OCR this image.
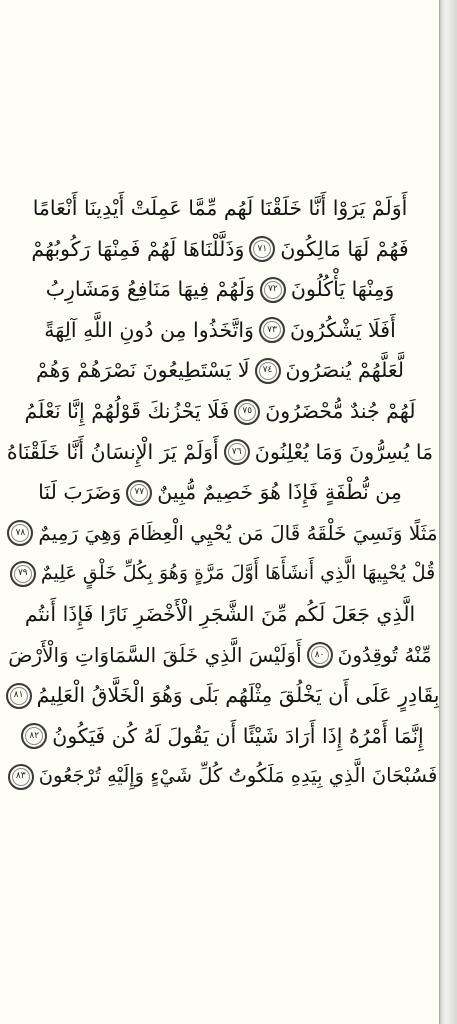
أَوَلَمْ يَرَوْا أَنَّا خَلَقْنَا لَهُم مِّمَّا عَمِلَتْ أَيْدِينَا أَنْعَامًا
فَهُمْ لَهَا مَالِكُونَ
٧١
وَذَلَّلْنَاهَا لَهُمْ فَمِنْهَا رَكُوبُهُمْ
وَمِنْهَا يَأْكُلُونَ
٧٢
وَلَهُمْ فِيهَا مَنَافِعُ وَمَشَارِبُ
أَفَلَا يَشْكُرُونَ
٧٣
وَاتَّخَذُوا مِن دُونِ اللَّهِ آلِهَةً
لَّعَلَّهُمْ يُنصَرُونَ
٧٤
لَا يَسْتَطِيعُونَ نَصْرَهُمْ وَهُمْ
لَهُمْ جُندٌ مُّحْضَرُونَ
٧٥
فَلَا يَحْزُنكَ قَوْلُهُمْ إِنَّا نَعْلَمُ
مَا يُسِرُّونَ وَمَا يُعْلِنُونَ
٧٦
أَوَلَمْ يَرَ الْإِنسَانُ أَنَّا خَلَقْنَاهُ
مِن نُّطْفَةٍ فَإِذَا هُوَ خَصِيمٌ مُّبِينٌ
٧٧
وَضَرَبَ لَنَا
مَثَلًا وَنَسِيَ خَلْقَهُ قَالَ مَن يُحْيِي الْعِظَامَ وَهِيَ رَمِيمٌ
٧٨
قُلْ يُحْيِيهَا الَّذِي أَنشَأَهَا أَوَّلَ مَرَّةٍ وَهُوَ بِكُلِّ خَلْقٍ عَلِيمٌ
٧٩
الَّذِي جَعَلَ لَكُم مِّنَ الشَّجَرِ الْأَخْضَرِ نَارًا فَإِذَا أَنتُم
مِّنْهُ تُوقِدُونَ
٨٠
أَوَلَيْسَ الَّذِي خَلَقَ السَّمَاوَاتِ وَالْأَرْضَ
بِقَادِرٍ عَلَى أَن يَخْلُقَ مِثْلَهُم بَلَى وَهُوَ الْخَلَّاقُ الْعَلِيمُ
٨١
إِنَّمَا أَمْرُهُ إِذَا أَرَادَ شَيْئًا أَن يَقُولَ لَهُ كُن فَيَكُونُ
٨٢
فَسُبْحَانَ الَّذِي بِيَدِهِ مَلَكُوتُ كُلِّ شَيْءٍ وَإِلَيْهِ تُرْجَعُونَ
٨٣
